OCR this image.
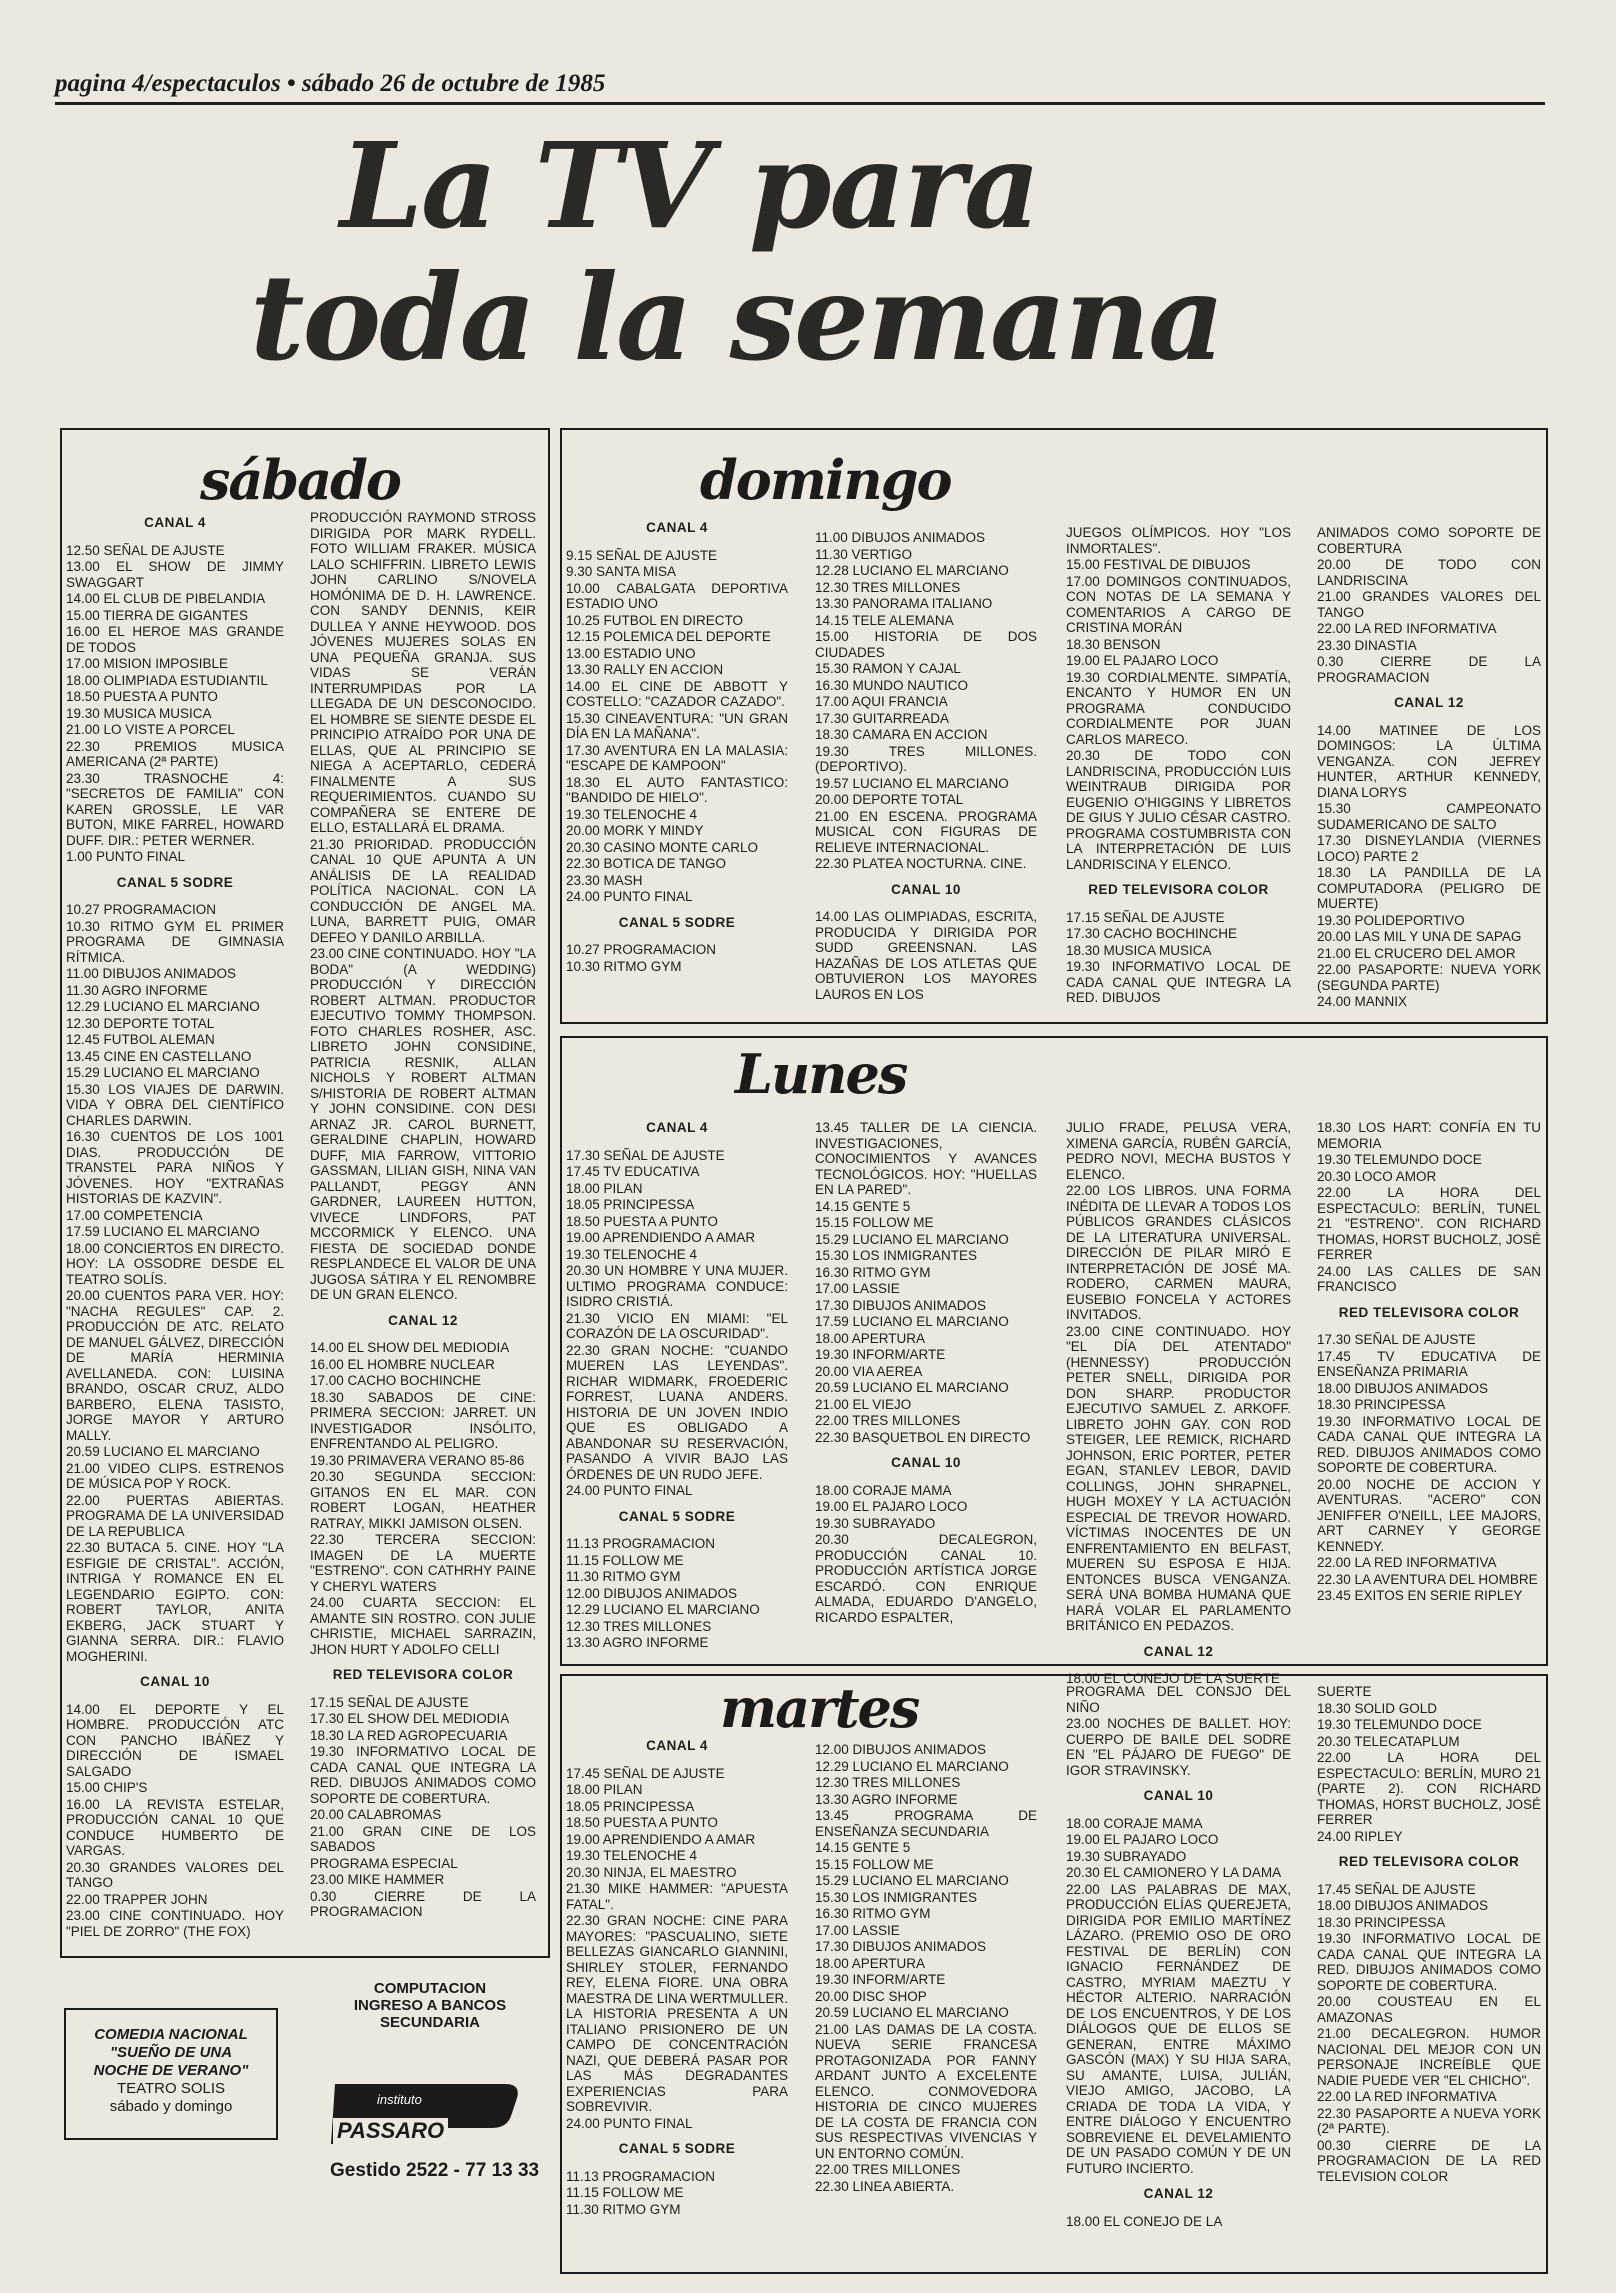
pagina 4/espectaculos • sábado 26 de octubre de 1985
La TV para
toda la semana
sábado

CANAL 4

12.50 SEÑAL DE AJUSTE

13.00 EL SHOW DE JIMMY SWAGGART

14.00 EL CLUB DE PIBELANDIA

15.00 TIERRA DE GIGANTES

16.00 EL HEROE MAS GRANDE DE TODOS

17.00 MISION IMPOSIBLE

18.00 OLIMPIADA ESTUDIANTIL

18.50 PUESTA A PUNTO

19.30 MUSICA MUSICA

21.00 LO VISTE A PORCEL

22.30 PREMIOS MUSICA AMERICANA (2ª PARTE)

23.30 TRASNOCHE 4: "SECRETOS DE FAMILIA" CON KAREN GROSSLE, LE VAR BUTON, MIKE FARREL, HOWARD DUFF. DIR.: PETER WERNER.

1.00 PUNTO FINAL

CANAL 5 SODRE

10.27 PROGRAMACION

10.30 RITMO GYM EL PRIMER PROGRAMA DE GIMNASIA RÍTMICA.

11.00 DIBUJOS ANIMADOS

11.30 AGRO INFORME

12.29 LUCIANO EL MARCIANO

12.30 DEPORTE TOTAL

12.45 FUTBOL ALEMAN

13.45 CINE EN CASTELLANO

15.29 LUCIANO EL MARCIANO

15.30 LOS VIAJES DE DARWIN. VIDA Y OBRA DEL CIENTÍFICO CHARLES DARWIN.

16.30 CUENTOS DE LOS 1001 DIAS. PRODUCCIÓN DE TRANSTEL PARA NIÑOS Y JÓVENES. HOY "EXTRAÑAS HISTORIAS DE KAZVIN".

17.00 COMPETENCIA

17.59 LUCIANO EL MARCIANO

18.00 CONCIERTOS EN DIRECTO. HOY: LA OSSODRE DESDE EL TEATRO SOLÍS.

20.00 CUENTOS PARA VER. HOY: "NACHA REGULES" CAP. 2. PRODUCCIÓN DE ATC. RELATO DE MANUEL GÁLVEZ, DIRECCIÓN DE MARÍA HERMINIA AVELLANEDA. CON: LUISINA BRANDO, OSCAR CRUZ, ALDO BARBERO, ELENA TASISTO, JORGE MAYOR Y ARTURO MALLY.

20.59 LUCIANO EL MARCIANO

21.00 VIDEO CLIPS. ESTRENOS DE MÚSICA POP Y ROCK.

22.00 PUERTAS ABIERTAS. PROGRAMA DE LA UNIVERSIDAD DE LA REPUBLICA

22.30 BUTACA 5. CINE. HOY "LA ESFIGIE DE CRISTAL". ACCIÓN, INTRIGA Y ROMANCE EN EL LEGENDARIO EGIPTO. CON: ROBERT TAYLOR, ANITA EKBERG, JACK STUART Y GIANNA SERRA. DIR.: FLAVIO MOGHERINI.

CANAL 10

14.00 EL DEPORTE Y EL HOMBRE. PRODUCCIÓN ATC CON PANCHO IBÁÑEZ Y DIRECCIÓN DE ISMAEL SALGADO

15.00 CHIP'S

16.00 LA REVISTA ESTELAR, PRODUCCIÓN CANAL 10 QUE CONDUCE HUMBERTO DE VARGAS.

20.30 GRANDES VALORES DEL TANGO

22.00 TRAPPER JOHN

23.00 CINE CONTINUADO. HOY "PIEL DE ZORRO" (THE FOX)

PRODUCCIÓN RAYMOND STROSS DIRIGIDA POR MARK RYDELL. FOTO WILLIAM FRAKER. MÚSICA LALO SCHIFFRIN. LIBRETO LEWIS JOHN CARLINO S/NOVELA HOMÓNIMA DE D. H. LAWRENCE. CON SANDY DENNIS, KEIR DULLEA Y ANNE HEYWOOD. DOS JÓVENES MUJERES SOLAS EN UNA PEQUEÑA GRANJA. SUS VIDAS SE VERÁN INTERRUMPIDAS POR LA LLEGADA DE UN DESCONOCIDO. EL HOMBRE SE SIENTE DESDE EL PRINCIPIO ATRAÍDO POR UNA DE ELLAS, QUE AL PRINCIPIO SE NIEGA A ACEPTARLO, CEDERÁ FINALMENTE A SUS REQUERIMIENTOS. CUANDO SU COMPAÑERA SE ENTERE DE ELLO, ESTALLARÁ EL DRAMA.

21.30 PRIORIDAD. PRODUCCIÓN CANAL 10 QUE APUNTA A UN ANÁLISIS DE LA REALIDAD POLÍTICA NACIONAL. CON LA CONDUCCIÓN DE ANGEL MA. LUNA, BARRETT PUIG, OMAR DEFEO Y DANILO ARBILLA.

23.00 CINE CONTINUADO. HOY "LA BODA" (A WEDDING) PRODUCCIÓN Y DIRECCIÓN ROBERT ALTMAN. PRODUCTOR EJECUTIVO TOMMY THOMPSON. FOTO CHARLES ROSHER, ASC. LIBRETO JOHN CONSIDINE, PATRICIA RESNIK, ALLAN NICHOLS Y ROBERT ALTMAN S/HISTORIA DE ROBERT ALTMAN Y JOHN CONSIDINE. CON DESI ARNAZ JR. CAROL BURNETT, GERALDINE CHAPLIN, HOWARD DUFF, MIA FARROW, VITTORIO GASSMAN, LILIAN GISH, NINA VAN PALLANDT, PEGGY ANN GARDNER, LAUREEN HUTTON, VIVECE LINDFORS, PAT MCCORMICK Y ELENCO. UNA FIESTA DE SOCIEDAD DONDE RESPLANDECE EL VALOR DE UNA JUGOSA SÁTIRA Y EL RENOMBRE DE UN GRAN ELENCO.

CANAL 12

14.00 EL SHOW DEL MEDIODIA

16.00 EL HOMBRE NUCLEAR

17.00 CACHO BOCHINCHE

18.30 SABADOS DE CINE: PRIMERA SECCION: JARRET. UN INVESTIGADOR INSÓLITO, ENFRENTANDO AL PELIGRO.

19.30 PRIMAVERA VERANO 85-86

20.30 SEGUNDA SECCION: GITANOS EN EL MAR. CON ROBERT LOGAN, HEATHER RATRAY, MIKKI JAMISON OLSEN.

22.30 TERCERA SECCION: IMAGEN DE LA MUERTE "ESTRENO". CON CATHRHY PAINE Y CHERYL WATERS

24.00 CUARTA SECCION: EL AMANTE SIN ROSTRO. CON JULIE CHRISTIE, MICHAEL SARRAZIN, JHON HURT Y ADOLFO CELLI

RED TELEVISORA COLOR

17.15 SEÑAL DE AJUSTE

17.30 EL SHOW DEL MEDIODIA

18.30 LA RED AGROPECUARIA

19.30 INFORMATIVO LOCAL DE CADA CANAL QUE INTEGRA LA RED. DIBUJOS ANIMADOS COMO SOPORTE DE COBERTURA.

20.00 CALABROMAS

21.00 GRAN CINE DE LOS SABADOS

PROGRAMA ESPECIAL

23.00 MIKE HAMMER

0.30 CIERRE DE LA PROGRAMACION

domingo

CANAL 4

9.15 SEÑAL DE AJUSTE

9.30 SANTA MISA

10.00 CABALGATA DEPORTIVA ESTADIO UNO

10.25 FUTBOL EN DIRECTO

12.15 POLEMICA DEL DEPORTE

13.00 ESTADIO UNO

13.30 RALLY EN ACCION

14.00 EL CINE DE ABBOTT Y COSTELLO: "CAZADOR CAZADO".

15.30 CINEAVENTURA: "UN GRAN DÍA EN LA MAÑANA".

17.30 AVENTURA EN LA MALASIA: "ESCAPE DE KAMPOON"

18.30 EL AUTO FANTASTICO: "BANDIDO DE HIELO".

19.30 TELENOCHE 4

20.00 MORK Y MINDY

20.30 CASINO MONTE CARLO

22.30 BOTICA DE TANGO

23.30 MASH

24.00 PUNTO FINAL

CANAL 5 SODRE

10.27 PROGRAMACION

10.30 RITMO GYM

11.00 DIBUJOS ANIMADOS

11.30 VERTIGO

12.28 LUCIANO EL MARCIANO

12.30 TRES MILLONES

13.30 PANORAMA ITALIANO

14.15 TELE ALEMANA

15.00 HISTORIA DE DOS CIUDADES

15.30 RAMON Y CAJAL

16.30 MUNDO NAUTICO

17.00 AQUI FRANCIA

17.30 GUITARREADA

18.30 CAMARA EN ACCION

19.30 TRES MILLONES. (DEPORTIVO).

19.57 LUCIANO EL MARCIANO

20.00 DEPORTE TOTAL

21.00 EN ESCENA. PROGRAMA MUSICAL CON FIGURAS DE RELIEVE INTERNACIONAL.

22.30 PLATEA NOCTURNA. CINE.

CANAL 10

14.00 LAS OLIMPIADAS, ESCRITA, PRODUCIDA Y DIRIGIDA POR SUDD GREENSNAN. LAS HAZAÑAS DE LOS ATLETAS QUE OBTUVIERON LOS MAYORES LAUROS EN LOS

JUEGOS OLÍMPICOS. HOY "LOS INMORTALES".

15.00 FESTIVAL DE DIBUJOS

17.00 DOMINGOS CONTINUADOS, CON NOTAS DE LA SEMANA Y COMENTARIOS A CARGO DE CRISTINA MORÁN

18.30 BENSON

19.00 EL PAJARO LOCO

19.30 CORDIALMENTE. SIMPATÍA, ENCANTO Y HUMOR EN UN PROGRAMA CONDUCIDO CORDIALMENTE POR JUAN CARLOS MARECO.

20.30 DE TODO CON LANDRISCINA, PRODUCCIÓN LUIS WEINTRAUB DIRIGIDA POR EUGENIO O'HIGGINS Y LIBRETOS DE GIUS Y JULIO CÉSAR CASTRO. PROGRAMA COSTUMBRISTA CON LA INTERPRETACIÓN DE LUIS LANDRISCINA Y ELENCO.

RED TELEVISORA COLOR

17.15 SEÑAL DE AJUSTE

17.30 CACHO BOCHINCHE

18.30 MUSICA MUSICA

19.30 INFORMATIVO LOCAL DE CADA CANAL QUE INTEGRA LA RED. DIBUJOS

ANIMADOS COMO SOPORTE DE COBERTURA

20.00 DE TODO CON LANDRISCINA

21.00 GRANDES VALORES DEL TANGO

22.00 LA RED INFORMATIVA

23.30 DINASTIA

0.30 CIERRE DE LA PROGRAMACION

CANAL 12

14.00 MATINEE DE LOS DOMINGOS: LA ÚLTIMA VENGANZA. CON JEFREY HUNTER, ARTHUR KENNEDY, DIANA LORYS

15.30 CAMPEONATO SUDAMERICANO DE SALTO

17.30 DISNEYLANDIA (VIERNES LOCO) PARTE 2

18.30 LA PANDILLA DE LA COMPUTADORA (PELIGRO DE MUERTE)

19.30 POLIDEPORTIVO

20.00 LAS MIL Y UNA DE SAPAG

21.00 EL CRUCERO DEL AMOR

22.00 PASAPORTE: NUEVA YORK (SEGUNDA PARTE)

24.00 MANNIX

Lunes

CANAL 4

17.30 SEÑAL DE AJUSTE

17.45 TV EDUCATIVA

18.00 PILAN

18.05 PRINCIPESSA

18.50 PUESTA A PUNTO

19.00 APRENDIENDO A AMAR

19.30 TELENOCHE 4

20.30 UN HOMBRE Y UNA MUJER. ULTIMO PROGRAMA CONDUCE: ISIDRO CRISTIÁ.

21.30 VICIO EN MIAMI: "EL CORAZÓN DE LA OSCURIDAD".

22.30 GRAN NOCHE: "CUANDO MUEREN LAS LEYENDAS". RICHAR WIDMARK, FROEDERIC FORREST, LUANA ANDERS. HISTORIA DE UN JOVEN INDIO QUE ES OBLIGADO A ABANDONAR SU RESERVACIÓN, PASANDO A VIVIR BAJO LAS ÓRDENES DE UN RUDO JEFE.

24.00 PUNTO FINAL

CANAL 5 SODRE

11.13 PROGRAMACION

11.15 FOLLOW ME

11.30 RITMO GYM

12.00 DIBUJOS ANIMADOS

12.29 LUCIANO EL MARCIANO

12.30 TRES MILLONES

13.30 AGRO INFORME

13.45 TALLER DE LA CIENCIA. INVESTIGACIONES, CONOCIMIENTOS Y AVANCES TECNOLÓGICOS. HOY: "HUELLAS EN LA PARED".

14.15 GENTE 5

15.15 FOLLOW ME

15.29 LUCIANO EL MARCIANO

15.30 LOS INMIGRANTES

16.30 RITMO GYM

17.00 LASSIE

17.30 DIBUJOS ANIMADOS

17.59 LUCIANO EL MARCIANO

18.00 APERTURA

19.30 INFORM/ARTE

20.00 VIA AEREA

20.59 LUCIANO EL MARCIANO

21.00 EL VIEJO

22.00 TRES MILLONES

22.30 BASQUETBOL EN DIRECTO

CANAL 10

18.00 CORAJE MAMA

19.00 EL PAJARO LOCO

19.30 SUBRAYADO

20.30 DECALEGRON, PRODUCCIÓN CANAL 10. PRODUCCIÓN ARTÍSTICA JORGE ESCARDÓ. CON ENRIQUE ALMADA, EDUARDO D'ANGELO, RICARDO ESPALTER,

JULIO FRADE, PELUSA VERA, XIMENA GARCÍA, RUBÉN GARCÍA, PEDRO NOVI, MECHA BUSTOS Y ELENCO.

22.00 LOS LIBROS. UNA FORMA INÉDITA DE LLEVAR A TODOS LOS PÚBLICOS GRANDES CLÁSICOS DE LA LITERATURA UNIVERSAL. DIRECCIÓN DE PILAR MIRÓ E INTERPRETACIÓN DE JOSÉ MA. RODERO, CARMEN MAURA, EUSEBIO FONCELA Y ACTORES INVITADOS.

23.00 CINE CONTINUADO. HOY "EL DÍA DEL ATENTADO" (HENNESSY) PRODUCCIÓN PETER SNELL, DIRIGIDA POR DON SHARP. PRODUCTOR EJECUTIVO SAMUEL Z. ARKOFF. LIBRETO JOHN GAY. CON ROD STEIGER, LEE REMICK, RICHARD JOHNSON, ERIC PORTER, PETER EGAN, STANLEV LEBOR, DAVID COLLINGS, JOHN SHRAPNEL, HUGH MOXEY Y LA ACTUACIÓN ESPECIAL DE TREVOR HOWARD. VÍCTIMAS INOCENTES DE UN ENFRENTAMIENTO EN BELFAST, MUEREN SU ESPOSA E HIJA. ENTONCES BUSCA VENGANZA. SERÁ UNA BOMBA HUMANA QUE HARÁ VOLAR EL PARLAMENTO BRITÁNICO EN PEDAZOS.

CANAL 12

18.00 EL CONEJO DE LA SUERTE

18.30 LOS HART: CONFÍA EN TU MEMORIA

19.30 TELEMUNDO DOCE

20.30 LOCO AMOR

22.00 LA HORA DEL ESPECTACULO: BERLÍN, TUNEL 21 "ESTRENO". CON RICHARD THOMAS, HORST BUCHOLZ, JOSÉ FERRER

24.00 LAS CALLES DE SAN FRANCISCO

RED TELEVISORA COLOR

17.30 SEÑAL DE AJUSTE

17.45 TV EDUCATIVA DE ENSEÑANZA PRIMARIA

18.00 DIBUJOS ANIMADOS

18.30 PRINCIPESSA

19.30 INFORMATIVO LOCAL DE CADA CANAL QUE INTEGRA LA RED. DIBUJOS ANIMADOS COMO SOPORTE DE COBERTURA.

20.00 NOCHE DE ACCION Y AVENTURAS. "ACERO" CON JENIFFER O'NEILL, LEE MAJORS, ART CARNEY Y GEORGE KENNEDY.

22.00 LA RED INFORMATIVA

22.30 LA AVENTURA DEL HOMBRE

23.45 EXITOS EN SERIE RIPLEY

martes

CANAL 4

17.45 SEÑAL DE AJUSTE

18.00 PILAN

18.05 PRINCIPESSA

18.50 PUESTA A PUNTO

19.00 APRENDIENDO A AMAR

19.30 TELENOCHE 4

20.30 NINJA, EL MAESTRO

21.30 MIKE HAMMER: "APUESTA FATAL".

22.30 GRAN NOCHE: CINE PARA MAYORES: "PASCUALINO, SIETE BELLEZAS GIANCARLO GIANNINI, SHIRLEY STOLER, FERNANDO REY, ELENA FIORE. UNA OBRA MAESTRA DE LINA WERTMULLER. LA HISTORIA PRESENTA A UN ITALIANO PRISIONERO DE UN CAMPO DE CONCENTRACIÓN NAZI, QUE DEBERÁ PASAR POR LAS MÁS DEGRADANTES EXPERIENCIAS PARA SOBREVIVIR.

24.00 PUNTO FINAL

CANAL 5 SODRE

11.13 PROGRAMACION

11.15 FOLLOW ME

11.30 RITMO GYM

12.00 DIBUJOS ANIMADOS

12.29 LUCIANO EL MARCIANO

12.30 TRES MILLONES

13.30 AGRO INFORME

13.45 PROGRAMA DE ENSEÑANZA SECUNDARIA

14.15 GENTE 5

15.15 FOLLOW ME

15.29 LUCIANO EL MARCIANO

15.30 LOS INMIGRANTES

16.30 RITMO GYM

17.00 LASSIE

17.30 DIBUJOS ANIMADOS

18.00 APERTURA

19.30 INFORM/ARTE

20.00 DISC SHOP

20.59 LUCIANO EL MARCIANO

21.00 LAS DAMAS DE LA COSTA. NUEVA SERIE FRANCESA PROTAGONIZADA POR FANNY ARDANT JUNTO A EXCELENTE ELENCO. CONMOVEDORA HISTORIA DE CINCO MUJERES DE LA COSTA DE FRANCIA CON SUS RESPECTIVAS VIVENCIAS Y UN ENTORNO COMÚN.

22.00 TRES MILLONES

22.30 LINEA ABIERTA.

PROGRAMA DEL CONSJO DEL NIÑO

23.00 NOCHES DE BALLET. HOY: CUERPO DE BAILE DEL SODRE EN "EL PÁJARO DE FUEGO" DE IGOR STRAVINSKY.

CANAL 10

18.00 CORAJE MAMA

19.00 EL PAJARO LOCO

19.30 SUBRAYADO

20.30 EL CAMIONERO Y LA DAMA

22.00 LAS PALABRAS DE MAX, PRODUCCIÓN ELÍAS QUEREJETA, DIRIGIDA POR EMILIO MARTÍNEZ LÁZARO. (PREMIO OSO DE ORO FESTIVAL DE BERLÍN) CON IGNACIO FERNÁNDEZ DE CASTRO, MYRIAM MAEZTU Y HÉCTOR ALTERIO. NARRACIÓN DE LOS ENCUENTROS, Y DE LOS DIÁLOGOS QUE DE ELLOS SE GENERAN, ENTRE MÁXIMO GASCÓN (MAX) Y SU HIJA SARA, SU AMANTE, LUISA, JULIÁN, VIEJO AMIGO, JACOBO, LA CRIADA DE TODA LA VIDA, Y ENTRE DIÁLOGO Y ENCUENTRO SOBREVIENE EL DEVELAMIENTO DE UN PASADO COMÚN Y DE UN FUTURO INCIERTO.

CANAL 12

18.00 EL CONEJO DE LA

SUERTE

18.30 SOLID GOLD

19.30 TELEMUNDO DOCE

20.30 TELECATAPLUM

22.00 LA HORA DEL ESPECTACULO: BERLÍN, MURO 21 (PARTE 2). CON RICHARD THOMAS, HORST BUCHOLZ, JOSÉ FERRER

24.00 RIPLEY

RED TELEVISORA COLOR

17.45 SEÑAL DE AJUSTE

18.00 DIBUJOS ANIMADOS

18.30 PRINCIPESSA

19.30 INFORMATIVO LOCAL DE CADA CANAL QUE INTEGRA LA RED. DIBUJOS ANIMADOS COMO SOPORTE DE COBERTURA.

20.00 COUSTEAU EN EL AMAZONAS

21.00 DECALEGRON. HUMOR NACIONAL DEL MEJOR CON UN PERSONAJE INCREÍBLE QUE NADIE PUEDE VER "EL CHICHO".

22.00 LA RED INFORMATIVA

22.30 PASAPORTE A NUEVA YORK (2ª PARTE).

00.30 CIERRE DE LA PROGRAMACION DE LA RED TELEVISION COLOR

COMEDIA NACIONAL
"SUEÑO DE UNA
NOCHE DE VERANO"
TEATRO SOLIS
sábado y domingo
COMPUTACION
INGRESO A BANCOS
SECUNDARIA
instituto
PASSARO
Gestido 2522 - 77 13 33
